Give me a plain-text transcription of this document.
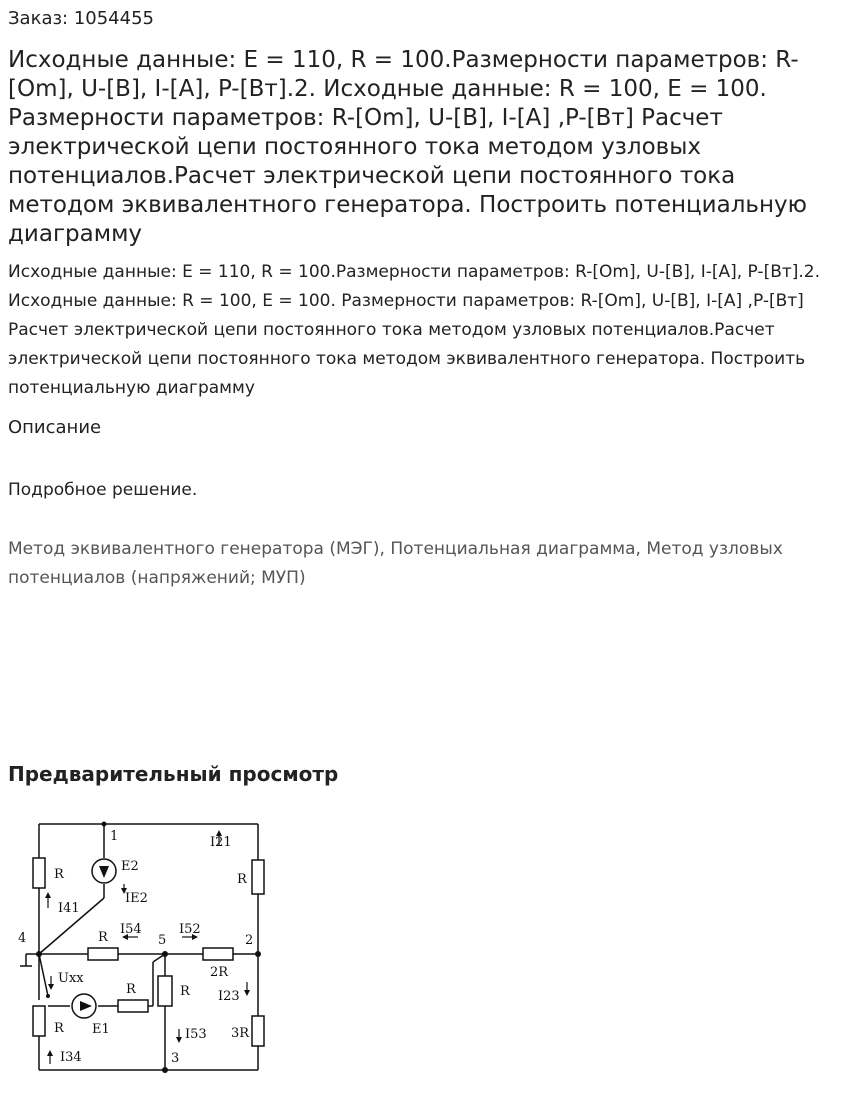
Заказ: 1054455
Исходные данные: E = 110, R = 100.Размерности параметров: R-[Om], U-[B], I-[A], P-[Вт].2. Исходные данные: R = 100, E = 100. Размерности параметров: R-[Om], U-[B], I-[A] ,P-[Вт] Расчет электрической цепи постоянного тока методом узловых потенциалов.Расчет электрической цепи постоянного тока методом эквивалентного генератора. Построить потенциальную диаграмму
Исходные данные: E = 110, R = 100.Размерности параметров: R-[Om], U-[B], I-[A], P-[Вт].2. Исходные данные: R = 100, E = 100. Размерности параметров: R-[Om], U-[B], I-[A] ,P-[Вт] Расчет электрической цепи постоянного тока методом узловых потенциалов.Расчет электрической цепи постоянного тока методом эквивалентного генератора. Построить потенциальную диаграмму
Описание
Подробное решение.
Метод эквивалентного генератора (МЭГ), Потенциальная диаграмма, Метод узловых потенциалов (напряжений; МУП)
Предварительный просмотр
1
4	5	2
3
E2
IE2
I21
R	R
I41
R
I54	I52
2R
Uxx
R	R I23
R E1	I53 3R
I34
